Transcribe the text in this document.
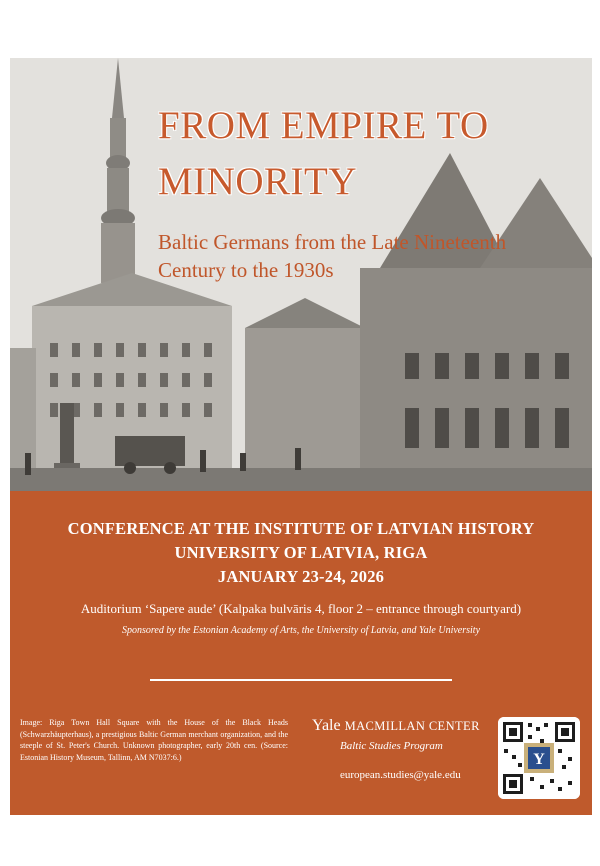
FROM EMPIRE TO
MINORITY
Baltic Germans from the Late Nineteenth Century to the 1930s

CONFERENCE AT THE INSTITUTE OF LATVIAN HISTORY

UNIVERSITY OF LATVIA, RIGA

JANUARY 23-24, 2026

Auditorium ‘Sapere aude’ (Kalpaka bulvāris 4, floor 2 – entrance through courtyard)

Sponsored by the Estonian Academy of Arts, the University of Latvia, and Yale University

Image: Riga Town Hall Square with the House of the Black Heads (Schwarzhäupterhaus), a prestigious Baltic German merchant organization, and the steeple of St. Peter's Church. Unknown photographer, early 20th cen. (Source: Estonian History Museum, Tallinn, AM N7037:6.)

Yale MACMILLAN CENTER

Baltic Studies Program

european.studies@yale.edu

Y
